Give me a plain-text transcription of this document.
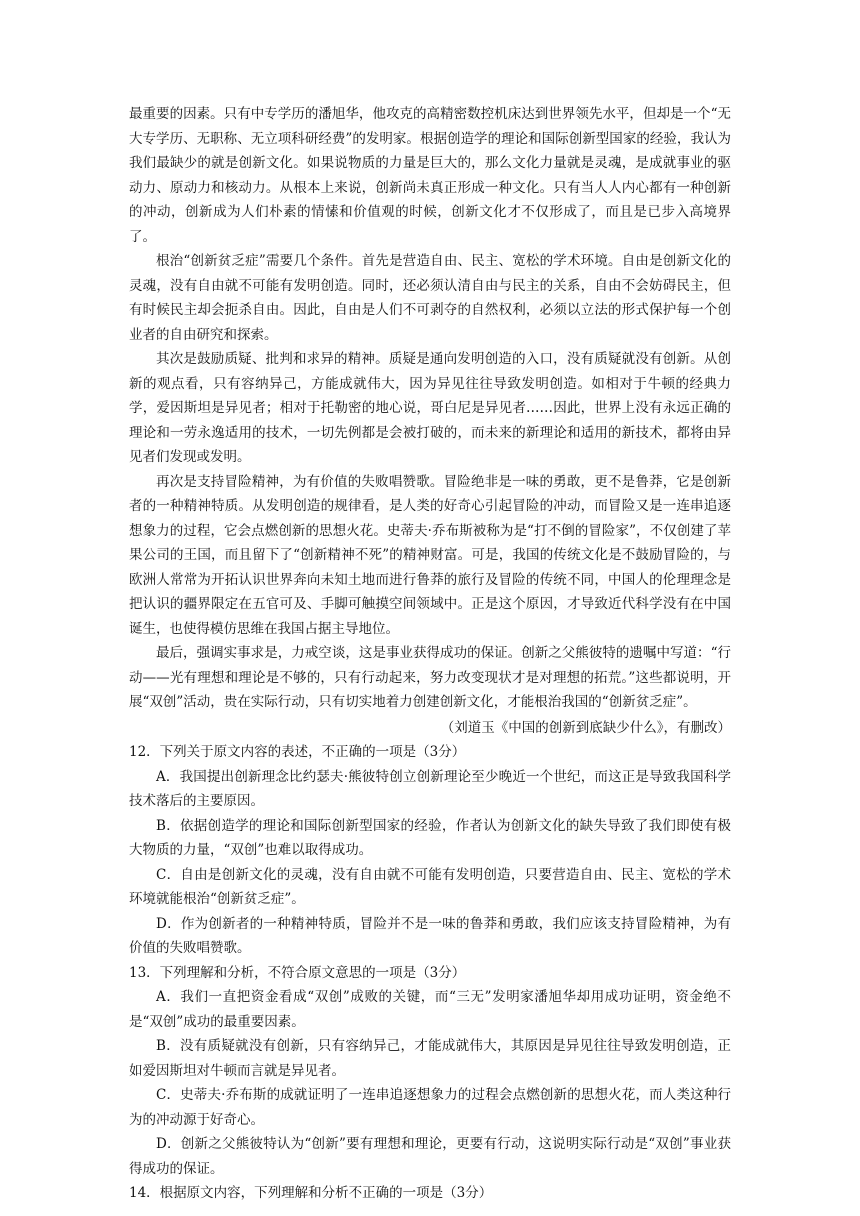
最重要的因素。只有中专学历的潘旭华，他攻克的高精密数控机床达到世界领先水平，但却是一个“无大专学历、无职称、无立项科研经费”的发明家。根据创造学的理论和国际创新型国家的经验，我认为我们最缺少的就是创新文化。如果说物质的力量是巨大的，那么文化力量就是灵魂，是成就事业的驱动力、原动力和核动力。从根本上来说，创新尚未真正形成一种文化。只有当人人内心都有一种创新的冲动，创新成为人们朴素的情愫和价值观的时候，创新文化才不仅形成了，而且是已步入高境界了。

根治“创新贫乏症”需要几个条件。首先是营造自由、民主、宽松的学术环境。自由是创新文化的灵魂，没有自由就不可能有发明创造。同时，还必须认清自由与民主的关系，自由不会妨碍民主，但有时候民主却会扼杀自由。因此，自由是人们不可剥夺的自然权利，必须以立法的形式保护每一个创业者的自由研究和探索。

其次是鼓励质疑、批判和求异的精神。质疑是通向发明创造的入口，没有质疑就没有创新。从创新的观点看，只有容纳异己，方能成就伟大，因为异见往往导致发明创造。如相对于牛顿的经典力学，爱因斯坦是异见者；相对于托勒密的地心说，哥白尼是异见者……因此，世界上没有永远正确的理论和一劳永逸适用的技术，一切先例都是会被打破的，而未来的新理论和适用的新技术，都将由异见者们发现或发明。

再次是支持冒险精神，为有价值的失败唱赞歌。冒险绝非是一味的勇敢，更不是鲁莽，它是创新者的一种精神特质。从发明创造的规律看，是人类的好奇心引起冒险的冲动，而冒险又是一连串追逐想象力的过程，它会点燃创新的思想火花。史蒂夫·乔布斯被称为是“打不倒的冒险家”，不仅创建了苹果公司的王国，而且留下了“创新精神不死”的精神财富。可是，我国的传统文化是不鼓励冒险的，与欧洲人常常为开拓认识世界奔向未知土地而进行鲁莽的旅行及冒险的传统不同，中国人的伦理理念是把认识的疆界限定在五官可及、手脚可触摸空间领域中。正是这个原因，才导致近代科学没有在中国诞生，也使得模仿思维在我国占据主导地位。

最后，强调实事求是，力戒空谈，这是事业获得成功的保证。创新之父熊彼特的遗嘱中写道：“行动——光有理想和理论是不够的，只有行动起来，努力改变现状才是对理想的拓荒。”这些都说明，开展“双创”活动，贵在实际行动，只有切实地着力创建创新文化，才能根治我国的“创新贫乏症”。

（刘道玉《中国的创新到底缺少什么》，有删改）

12．下列关于原文内容的表述，不正确的一项是（3分）

A．我国提出创新理念比约瑟夫·熊彼特创立创新理论至少晚近一个世纪，而这正是导致我国科学技术落后的主要原因。

B．依据创造学的理论和国际创新型国家的经验，作者认为创新文化的缺失导致了我们即使有极大物质的力量，“双创”也难以取得成功。

C．自由是创新文化的灵魂，没有自由就不可能有发明创造，只要营造自由、民主、宽松的学术环境就能根治“创新贫乏症”。

D．作为创新者的一种精神特质，冒险并不是一味的鲁莽和勇敢，我们应该支持冒险精神，为有价值的失败唱赞歌。

13．下列理解和分析，不符合原文意思的一项是（3分）

A．我们一直把资金看成“双创”成败的关键，而“三无”发明家潘旭华却用成功证明，资金绝不是“双创”成功的最重要因素。

B．没有质疑就没有创新，只有容纳异己，才能成就伟大，其原因是异见往往导致发明创造，正如爱因斯坦对牛顿而言就是异见者。

C．史蒂夫·乔布斯的成就证明了一连串追逐想象力的过程会点燃创新的思想火花，而人类这种行为的冲动源于好奇心。

D．创新之父熊彼特认为“创新”要有理想和理论，更要有行动，这说明实际行动是“双创”事业获得成功的保证。

14．根据原文内容，下列理解和分析不正确的一项是（3分）
